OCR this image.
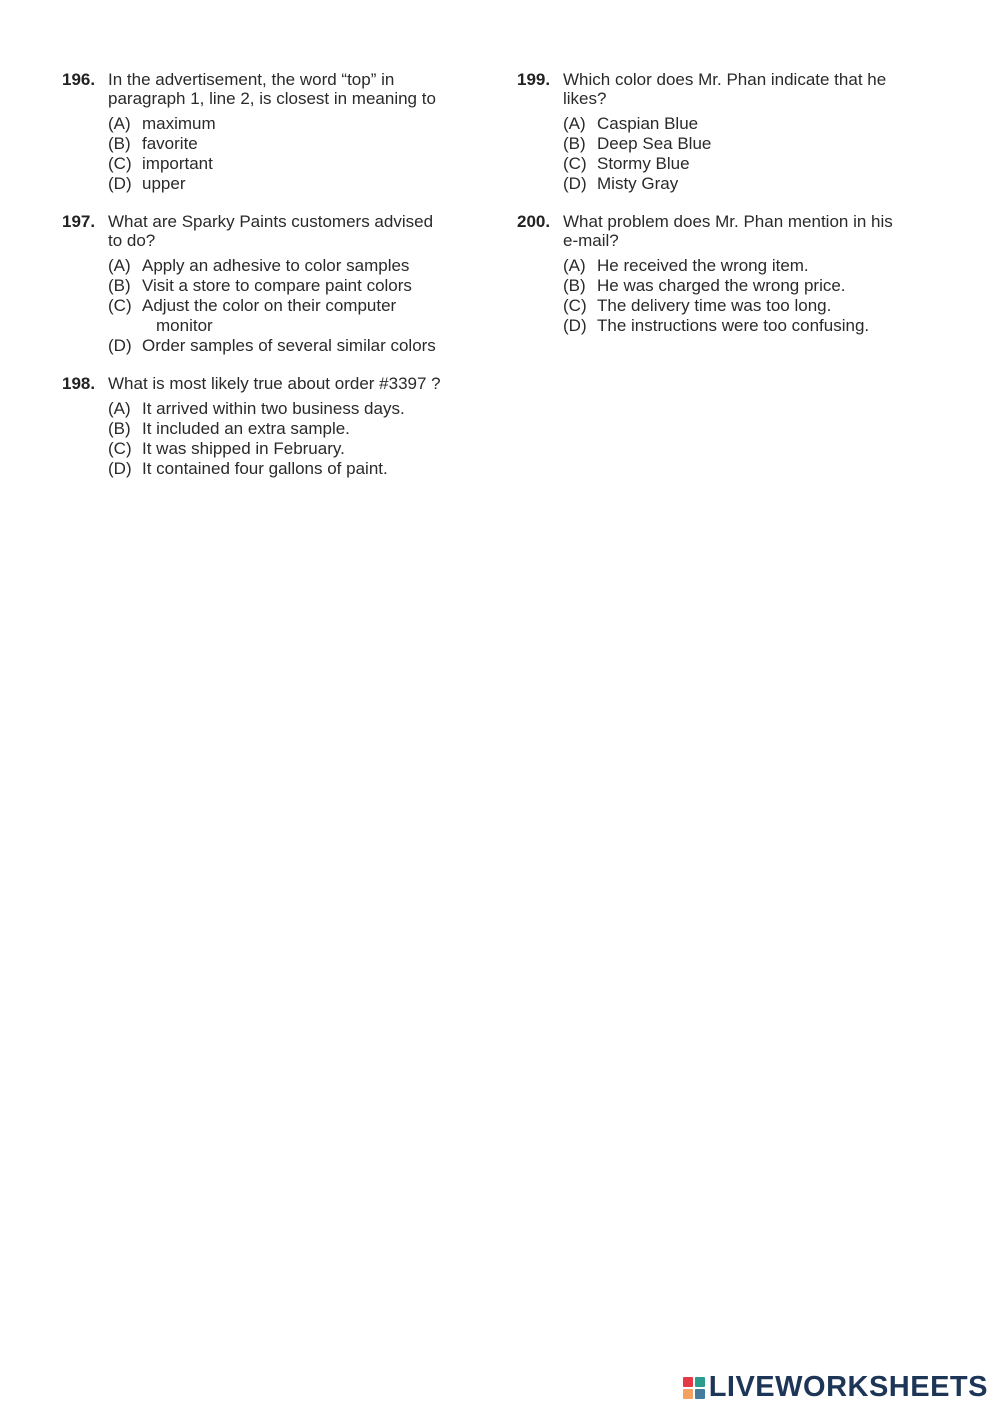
196. In the advertisement, the word “top” in
paragraph 1, line 2, is closest in meaning to
(A) maximum
(B) favorite
(C) important
(D) upper
197. What are Sparky Paints customers advised
to do?
(A) Apply an adhesive to color samples
(B) Visit a store to compare paint colors
(C) Adjust the color on their computer
monitor
(D) Order samples of several similar colors
198. What is most likely true about order #3397 ?
(A) It arrived within two business days.
(B) It included an extra sample.
(C) It was shipped in February.
(D) It contained four gallons of paint.
199. Which color does Mr. Phan indicate that he
likes?
(A) Caspian Blue
(B) Deep Sea Blue
(C) Stormy Blue
(D) Misty Gray
200. What problem does Mr. Phan mention in his
e-mail?
(A) He received the wrong item.
(B) He was charged the wrong price.
(C) The delivery time was too long.
(D) The instructions were too confusing.
LIVEWORKSHEETS
